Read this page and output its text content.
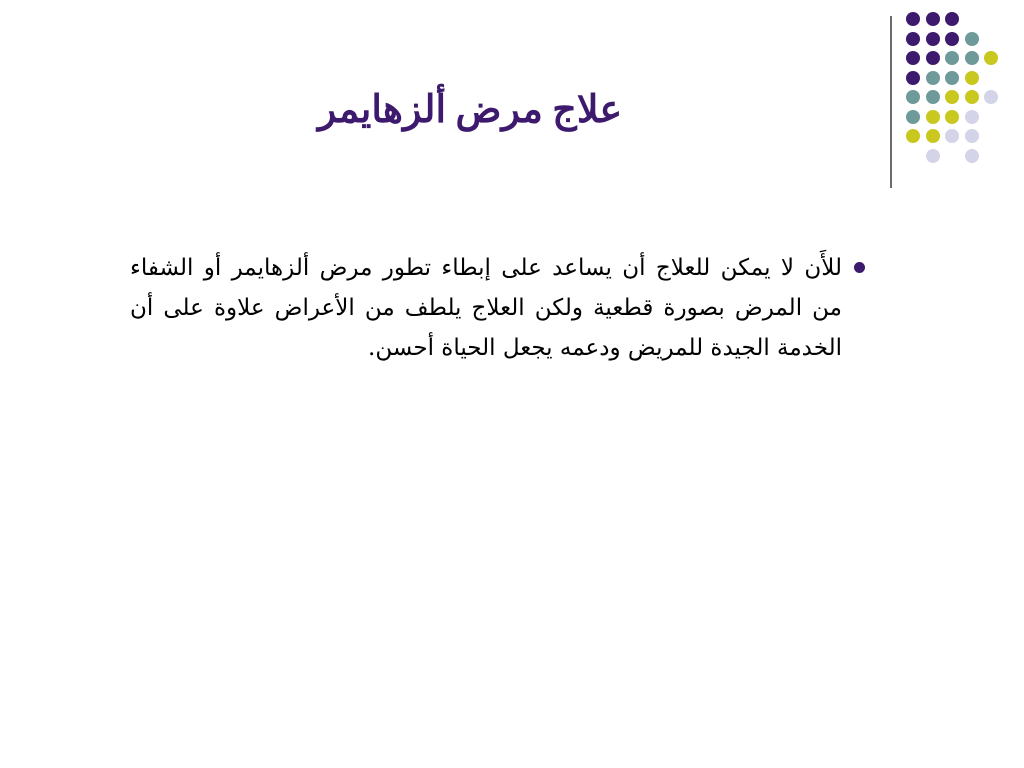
علاج مرض ألزهايمر
للأَن لا يمكن للعلاج أن يساعد على إبطاء تطور مرض ألزهايمر أو الشفاء من المرض بصورة قطعية ولكن العلاج يلطف من الأعراض علاوة على أن الخدمة الجيدة للمريض ودعمه يجعل الحياة أحسن.
